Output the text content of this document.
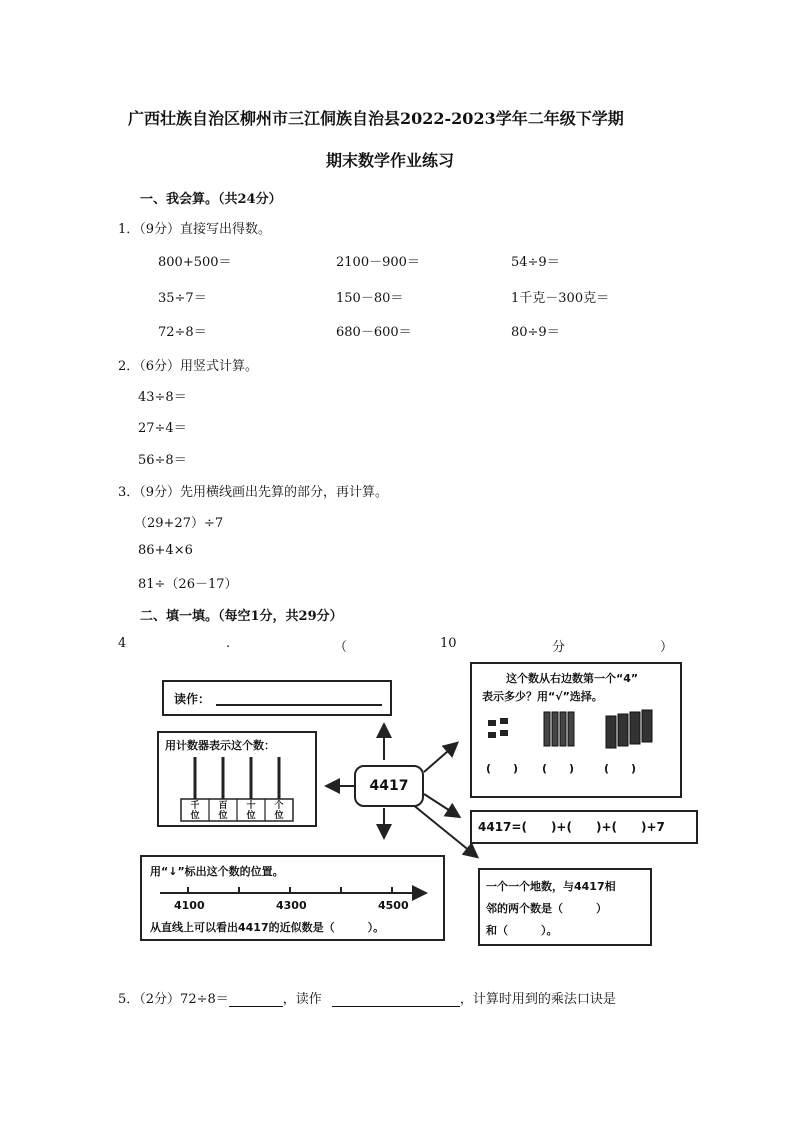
广西壮族自治区柳州市三江侗族自治县2022-2023学年二年级下学期
期末数学作业练习
一、我会算。（共24分）
1．（9分）直接写出得数。
800+500＝	2100－900＝	54÷9＝
35÷7＝	150－80＝	1千克－300克＝
72÷8＝	680－600＝	80÷9＝
2．（6分）用竖式计算。
43÷8＝
27÷4＝
56÷8＝
3．（9分）先用横线画出先算的部分，再计算。
（29+27）÷7
86+4×6
81÷（26－17）
二、填一填。（每空1分，共29分）
4	.	（	10	分	）
4417
读作：
用计数器表示这个数：
千位
百位
十位
个位
用“↓”标出这个数的位置。
4100	4300	4500
从直线上可以看出4417的近似数是（　　　）。
这个数从右边数第一个“4”
表示多少？用“√”选择。
(　　) (　　)	(　　)
4417=(　　)+(　　)+(　　)+7
一个一个地数，与4417相
邻的两个数是（　　　）
和（　　　）。
5．（2分）72÷8＝	，读作	，计算时用到的乘法口诀是
